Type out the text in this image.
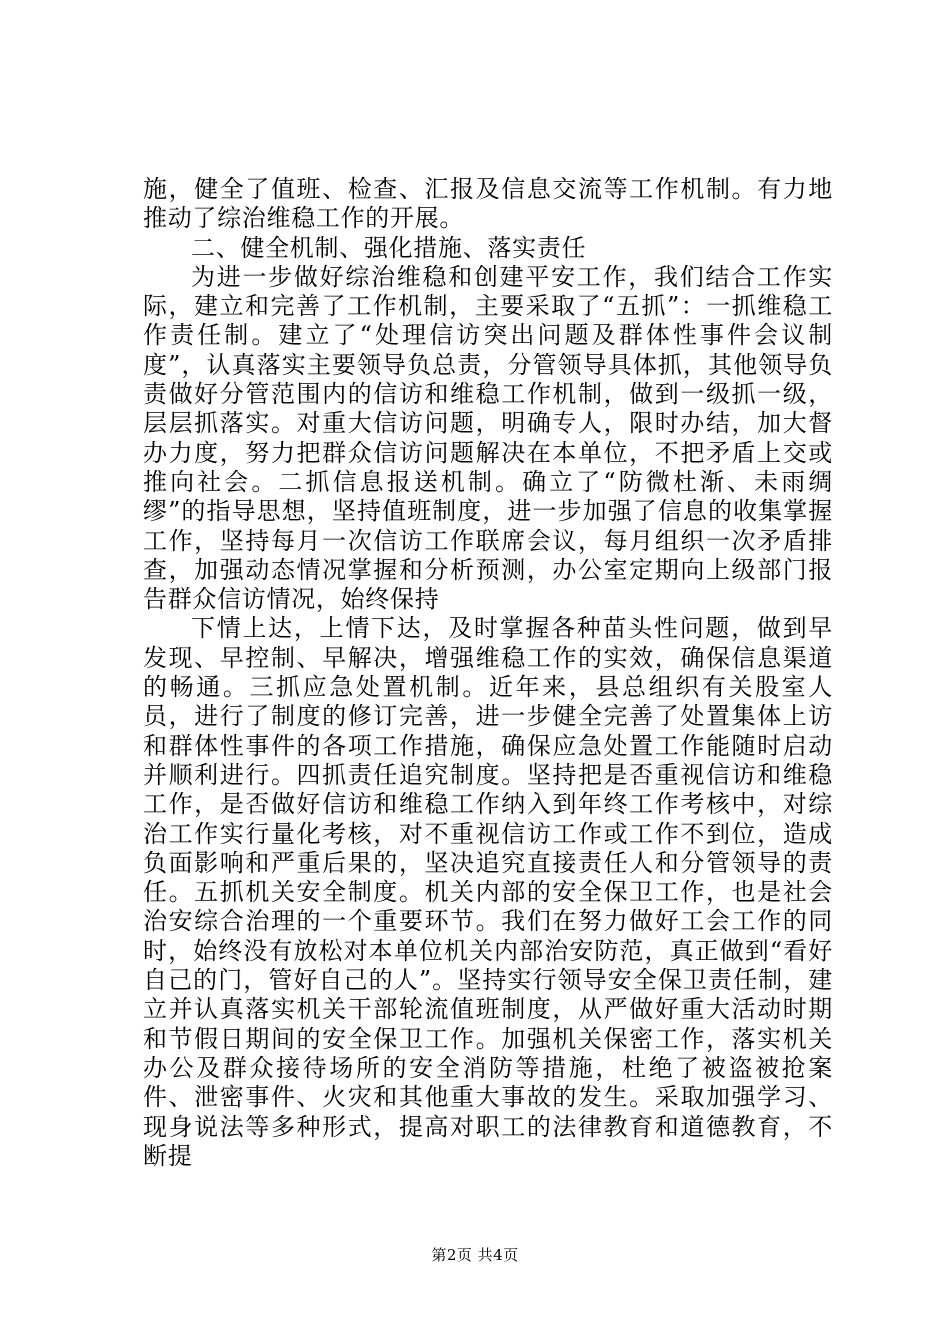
施，健全了值班、检查、汇报及信息交流等工作机制。有力地推动了综治维稳工作的开展。

二、健全机制、强化措施、落实责任

为进一步做好综治维稳和创建平安工作，我们结合工作实际，建立和完善了工作机制，主要采取了“五抓”：一抓维稳工作责任制。建立了“处理信访突出问题及群体性事件会议制度”，认真落实主要领导负总责，分管领导具体抓，其他领导负责做好分管范围内的信访和维稳工作机制，做到一级抓一级，层层抓落实。对重大信访问题，明确专人，限时办结，加大督办力度，努力把群众信访问题解决在本单位，不把矛盾上交或推向社会。二抓信息报送机制。确立了“防微杜渐、未雨绸缪”的指导思想，坚持值班制度，进一步加强了信息的收集掌握工作，坚持每月一次信访工作联席会议，每月组织一次矛盾排查，加强动态情况掌握和分析预测，办公室定期向上级部门报告群众信访情况，始终保持

下情上达，上情下达，及时掌握各种苗头性问题，做到早发现、早控制、早解决，增强维稳工作的实效，确保信息渠道的畅通。三抓应急处置机制。近年来，县总组织有关股室人员，进行了制度的修订完善，进一步健全完善了处置集体上访和群体性事件的各项工作措施，确保应急处置工作能随时启动并顺利进行。四抓责任追究制度。坚持把是否重视信访和维稳工作，是否做好信访和维稳工作纳入到年终工作考核中，对综治工作实行量化考核，对不重视信访工作或工作不到位，造成负面影响和严重后果的，坚决追究直接责任人和分管领导的责任。五抓机关安全制度。机关内部的安全保卫工作，也是社会治安综合治理的一个重要环节。我们在努力做好工会工作的同时，始终没有放松对本单位机关内部治安防范，真正做到“看好自己的门，管好自己的人”。坚持实行领导安全保卫责任制，建立并认真落实机关干部轮流值班制度，从严做好重大活动时期和节假日期间的安全保卫工作。加强机关保密工作，落实机关办公及群众接待场所的安全消防等措施，杜绝了被盗被抢案件、泄密事件、火灾和其他重大事故的发生。采取加强学习、现身说法等多种形式，提高对职工的法律教育和道德教育，不断提

第2页 共4页
